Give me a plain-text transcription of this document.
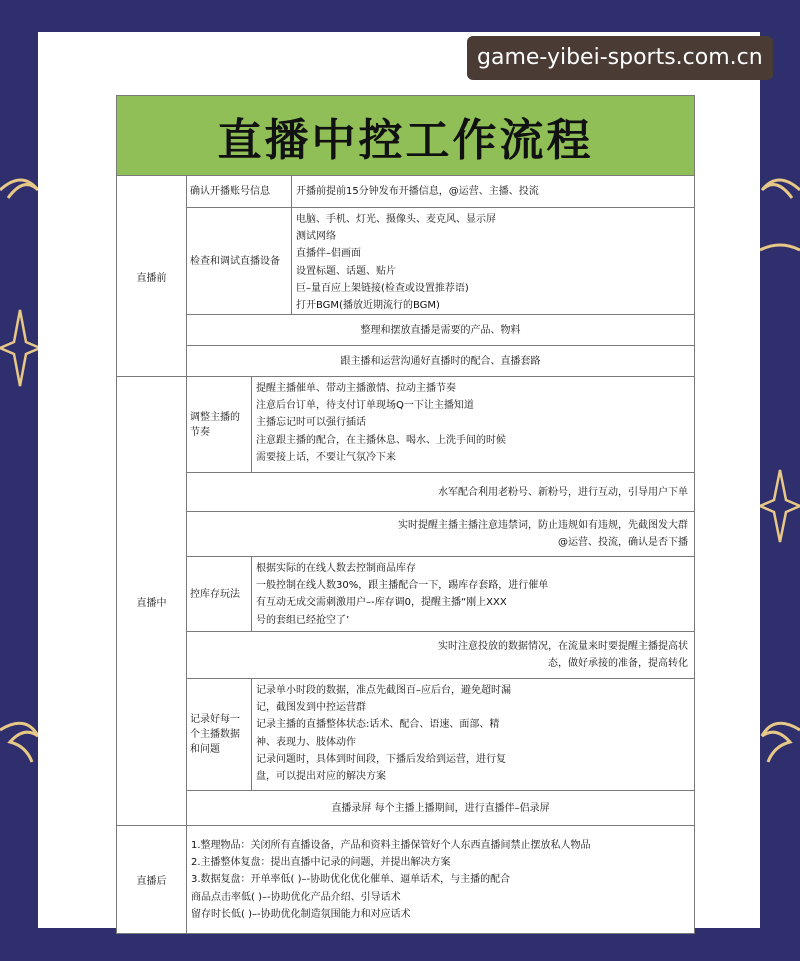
game-yibei-sports.com.cn
直播中控工作流程
直播前
确认开播账号信息	开播前提前15分钟发布开播信息，@运营、主播、投流
检查和调试直播设备
电脑、手机、灯光、摄像头、麦克风、显示屏
测试网络
直播伴–侣画面
设置标题、话题、贴片
巨–量百应上架链接(检查或设置推荐语)
打开BGM(播放近期流行的BGM)
整理和摆放直播是需要的产品、物料
跟主播和运营沟通好直播时的配合、直播套路
直播中
调整主播的节奏
提醒主播催单、带动主播激情、拉动主播节奏
注意后台订单，待支付订单现场Q一下让主播知道
主播忘记时可以强行插话
注意跟主播的配合，在主播休息、喝水、上洗手间的时候
需要接上话，不要让气氛冷下来
水军配合利用老粉号、新粉号，进行互动，引导用户下单
实时提醒主播主播注意违禁词，防止违规如有违规，先截图发大群
@运营、投流，确认是否下播
控库存玩法
根据实际的在线人数去控制商品库存
一般控制在线人数30%，跟主播配合一下，踢库存套路，进行催单
有互动无成交需刺激用户–-库存调0，提醒主播“刚上XXX
号的套组已经抢空了’
实时注意投放的数据情况，在流量来时要提醒主播提高状
态，做好承接的准备，提高转化
记录好每一个主播数据和问题
记录单小时段的数据，准点先截图百–应后台，避免超时漏
记，截图发到中控运营群
记录主播的直播整体状态:话术、配合、语速、面部、精
神、表现力、肢体动作
记录问题时，具体到时间段，下播后发给到运营，进行复
盘，可以提出对应的解决方案
直播录屏 每个主播上播期间，进行直播伴–侣录屏
直播后
1.整理物品：关闭所有直播设备，产品和资料主播保管好个人东西直播间禁止摆放私人物品
2.主播整体复盘：提出直播中记录的问题，并提出解决方案
3.数据复盘：开单率低( )–-协助优化优化催单、逼单话术，与主播的配合
商品点击率低( )–-协助优化产品介绍、引导话术
留存时长低( )–-协助优化制造氛围能力和对应话术
